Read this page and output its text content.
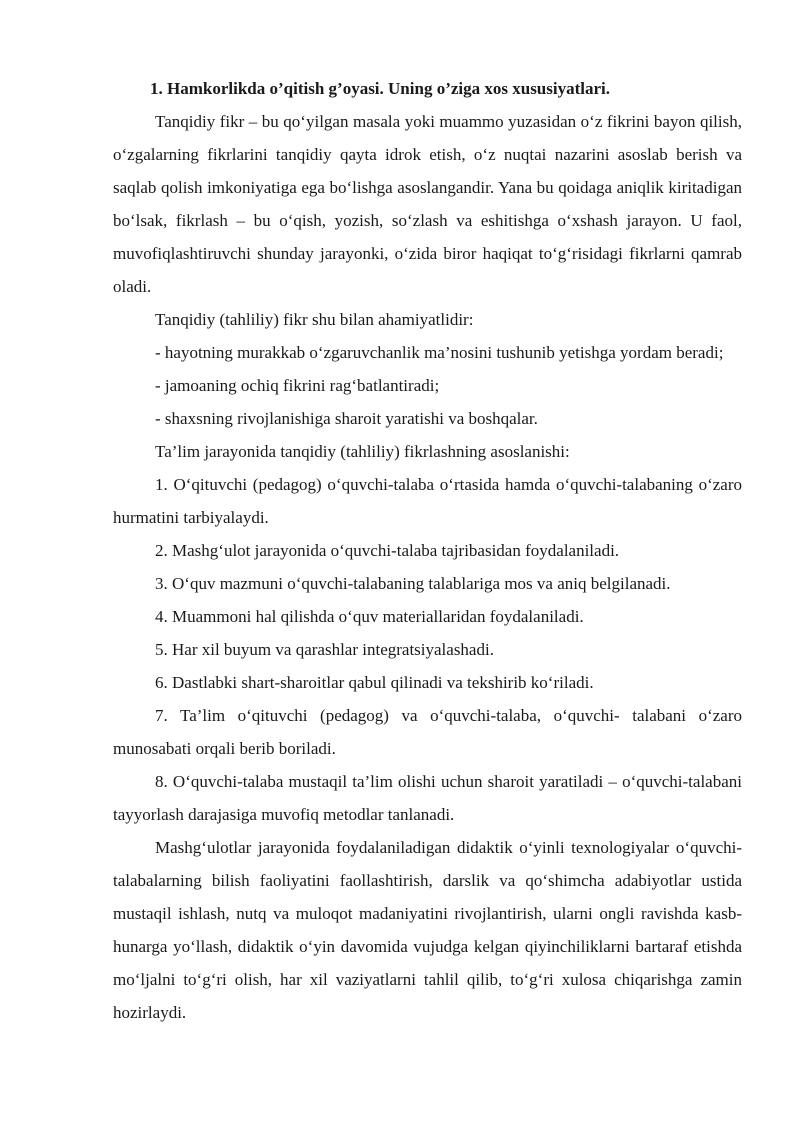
1. Hamkorlikda o’qitish g’oyasi. Uning o’ziga xos xususiyatlari.

Tanqidiy fikr – bu qo‘yilgan masala yoki muammo yuzasidan o‘z fikrini bayon qilish, o‘zgalarning fikrlarini tanqidiy qayta idrok etish, o‘z nuqtai nazarini asoslab berish va saqlab qolish imkoniyatiga ega bo‘lishga asoslangandir. Yana bu qoidaga aniqlik kiritadigan bo‘lsak, fikrlash – bu o‘qish, yozish, so‘zlash va eshitishga o‘xshash jarayon. U faol, muvofiqlashtiruvchi shunday jarayonki, o‘zida biror haqiqat to‘g‘risidagi fikrlarni qamrab oladi.

Tanqidiy (tahliliy) fikr shu bilan ahamiyatlidir:

- hayotning murakkab o‘zgaruvchanlik ma’nosini tushunib yetishga yordam beradi;

- jamoaning ochiq fikrini rag‘batlantiradi;

- shaxsning rivojlanishiga sharoit yaratishi va boshqalar.

Ta’lim jarayonida tanqidiy (tahliliy) fikrlashning asoslanishi:

1. O‘qituvchi (pedagog) o‘quvchi-talaba o‘rtasida hamda o‘quvchi-talabaning o‘zaro hurmatini tarbiyalaydi.

2. Mashg‘ulot jarayonida o‘quvchi-talaba tajribasidan foydalaniladi.

3. O‘quv mazmuni o‘quvchi-talabaning talablariga mos va aniq belgilanadi.

4. Muammoni hal qilishda o‘quv materiallaridan foydalaniladi.

5. Har xil buyum va qarashlar integratsiyalashadi.

6. Dastlabki shart-sharoitlar qabul qilinadi va tekshirib ko‘riladi.

7. Ta’lim o‘qituvchi (pedagog) va o‘quvchi-talaba, o‘quvchi- talabani o‘zaro munosabati orqali berib boriladi.

8. O‘quvchi-talaba mustaqil ta’lim olishi uchun sharoit yaratiladi – o‘quvchi-talabani tayyorlash darajasiga muvofiq metodlar tanlanadi.

Mashg‘ulotlar jarayonida foydalaniladigan didaktik o‘yinli texnologiyalar o‘quvchi-talabalarning bilish faoliyatini faollashtirish, darslik va qo‘shimcha adabiyotlar ustida mustaqil ishlash, nutq va muloqot madaniyatini rivojlantirish, ularni ongli ravishda kasb-hunarga yo‘llash, didaktik o‘yin davomida vujudga kelgan qiyinchiliklarni bartaraf etishda mo‘ljalni to‘g‘ri olish, har xil vaziyatlarni tahlil qilib, to‘g‘ri xulosa chiqarishga zamin hozirlaydi.
